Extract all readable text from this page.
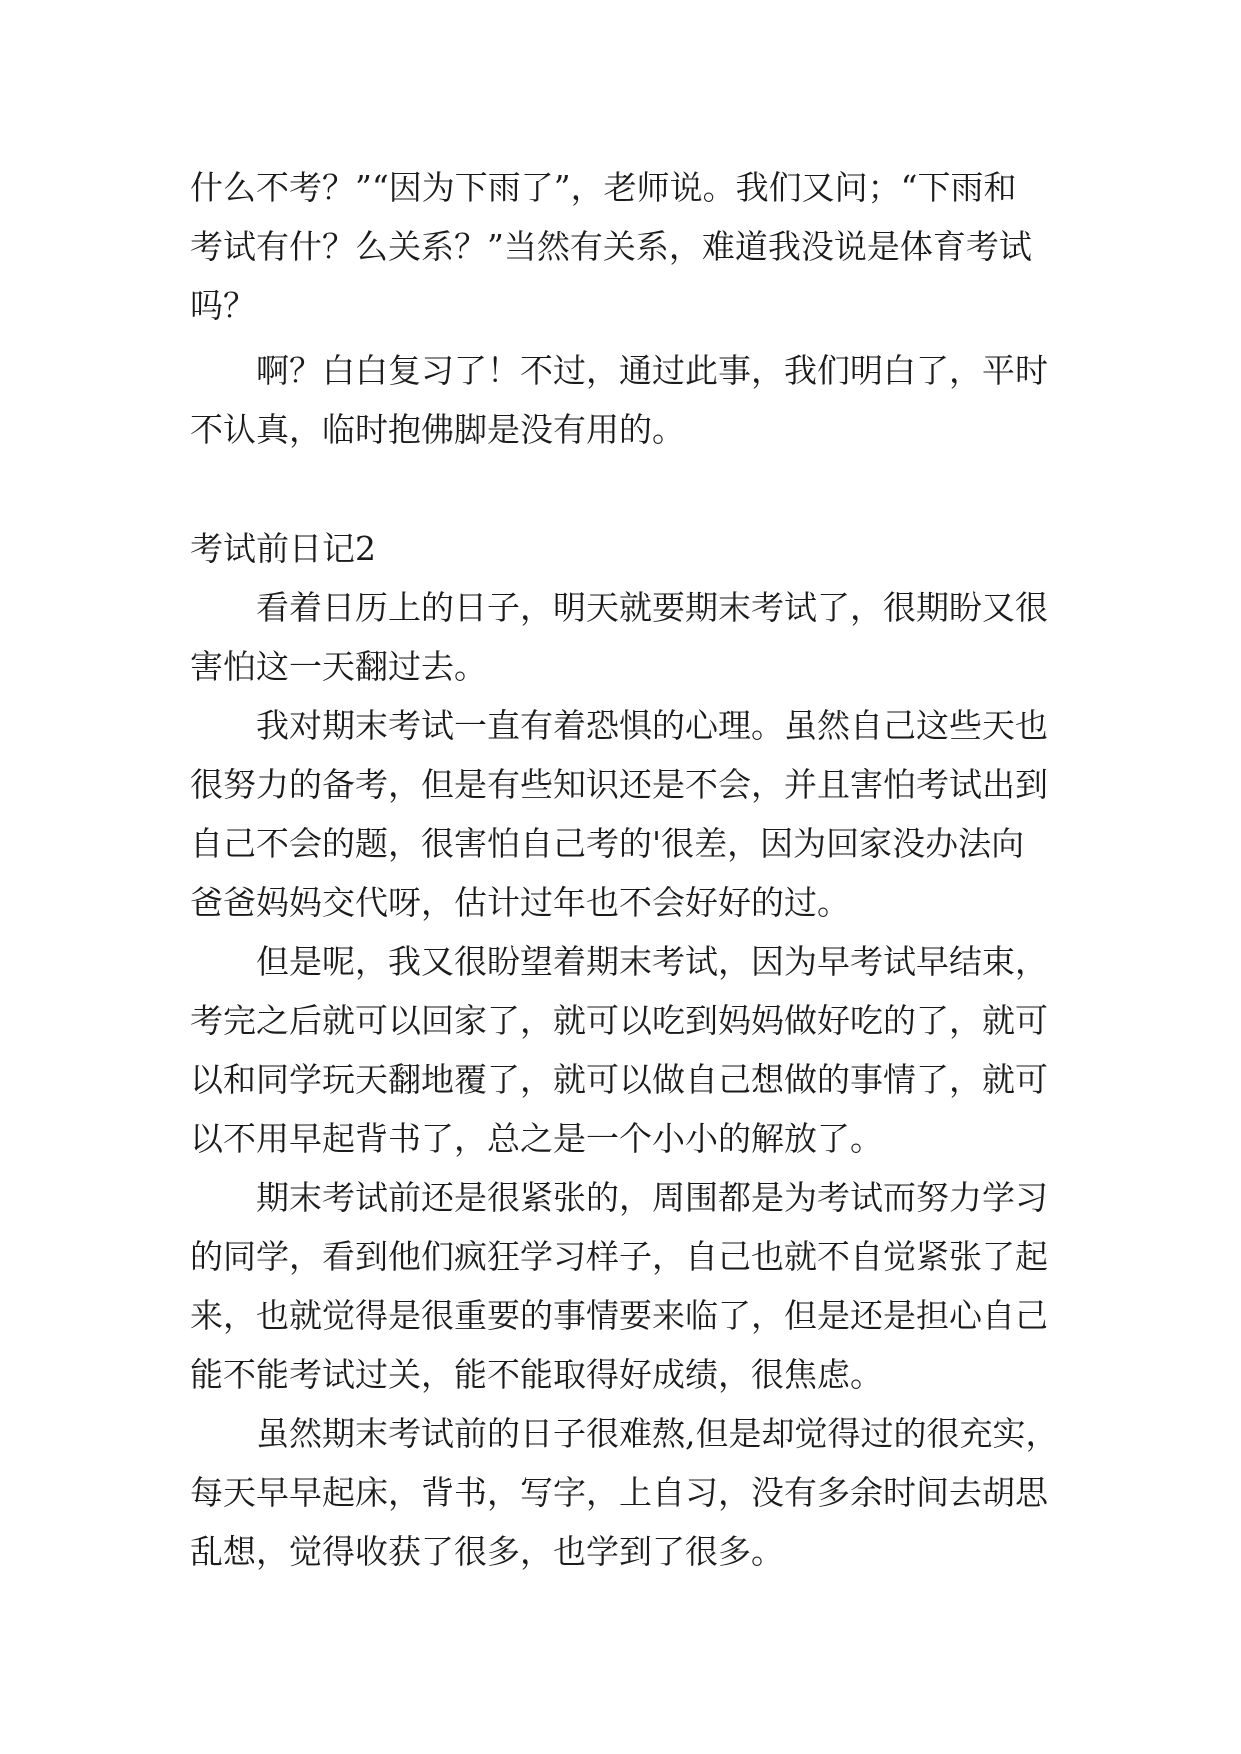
什么不考？”“因为下雨了”，老师说。我们又问；“下雨和
考试有什？么关系？”当然有关系，难道我没说是体育考试
吗？
啊？白白复习了！不过，通过此事，我们明白了，平时
不认真，临时抱佛脚是没有用的。
考试前日记2
看着日历上的日子，明天就要期末考试了，很期盼又很
害怕这一天翻过去。
我对期末考试一直有着恐惧的心理。虽然自己这些天也
很努力的备考，但是有些知识还是不会，并且害怕考试出到
自己不会的题，很害怕自己考的'很差，因为回家没办法向
爸爸妈妈交代呀，估计过年也不会好好的过。
但是呢，我又很盼望着期末考试，因为早考试早结束，
考完之后就可以回家了，就可以吃到妈妈做好吃的了，就可
以和同学玩天翻地覆了，就可以做自己想做的事情了，就可
以不用早起背书了，总之是一个小小的解放了。
期末考试前还是很紧张的，周围都是为考试而努力学习
的同学，看到他们疯狂学习样子，自己也就不自觉紧张了起
来，也就觉得是很重要的事情要来临了，但是还是担心自己
能不能考试过关，能不能取得好成绩，很焦虑。
虽然期末考试前的日子很难熬,但是却觉得过的很充实，
每天早早起床，背书，写字，上自习，没有多余时间去胡思
乱想，觉得收获了很多，也学到了很多。
